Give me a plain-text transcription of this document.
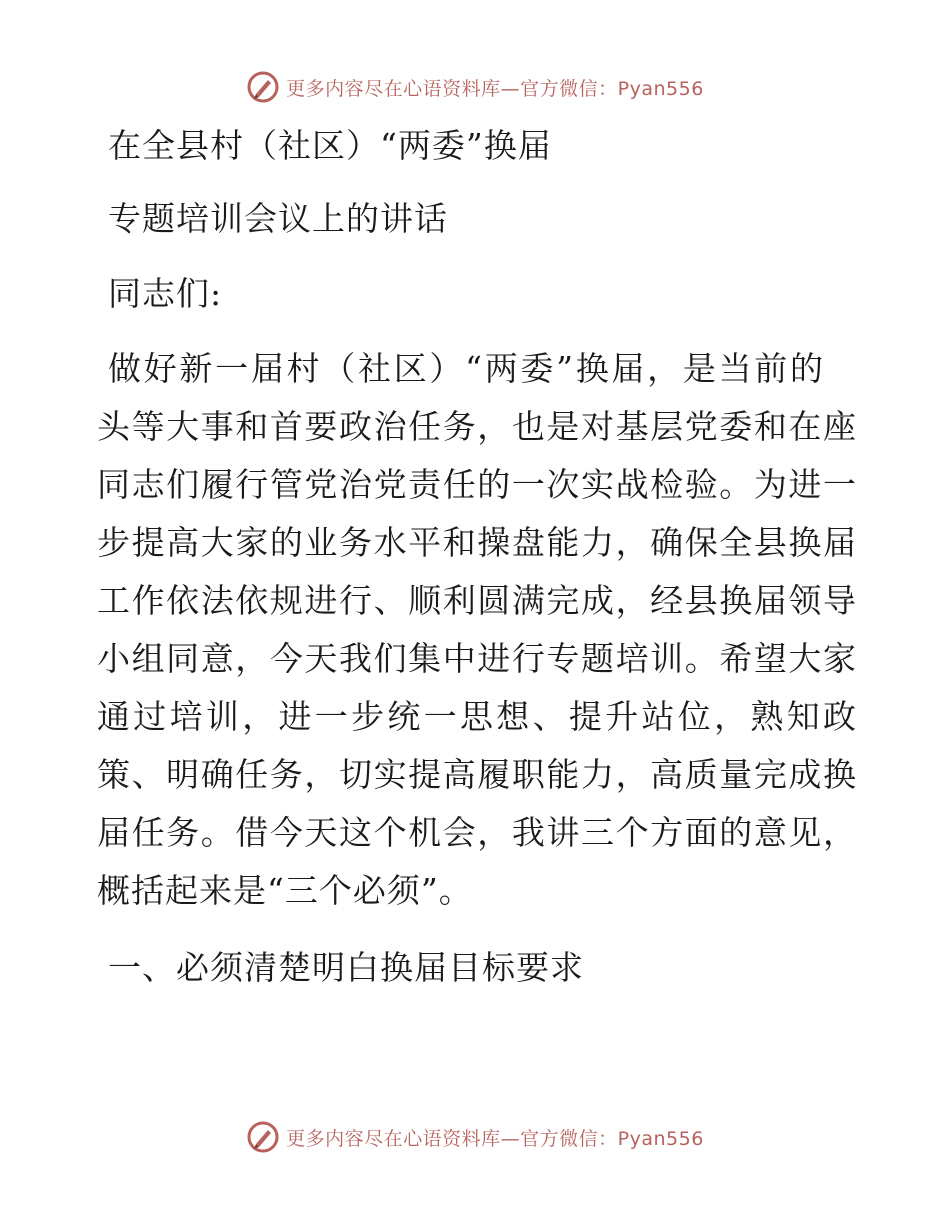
更多内容尽在心语资料库—官方微信：Pyan556
在全县村（社区）“两委”换届
专题培训会议上的讲话
同志们:
做好新一届村（社区）“两委”换届，是当前的
头等大事和首要政治任务，也是对基层党委和在座
同志们履行管党治党责任的一次实战检验。为进一
步提高大家的业务水平和操盘能力，确保全县换届
工作依法依规进行、顺利圆满完成，经县换届领导
小组同意，今天我们集中进行专题培训。希望大家
通过培训，进一步统一思想、提升站位，熟知政
策、明确任务，切实提高履职能力，高质量完成换
届任务。借今天这个机会，我讲三个方面的意见，
概括起来是“三个必须”。
一、必须清楚明白换届目标要求
更多内容尽在心语资料库—官方微信：Pyan556
